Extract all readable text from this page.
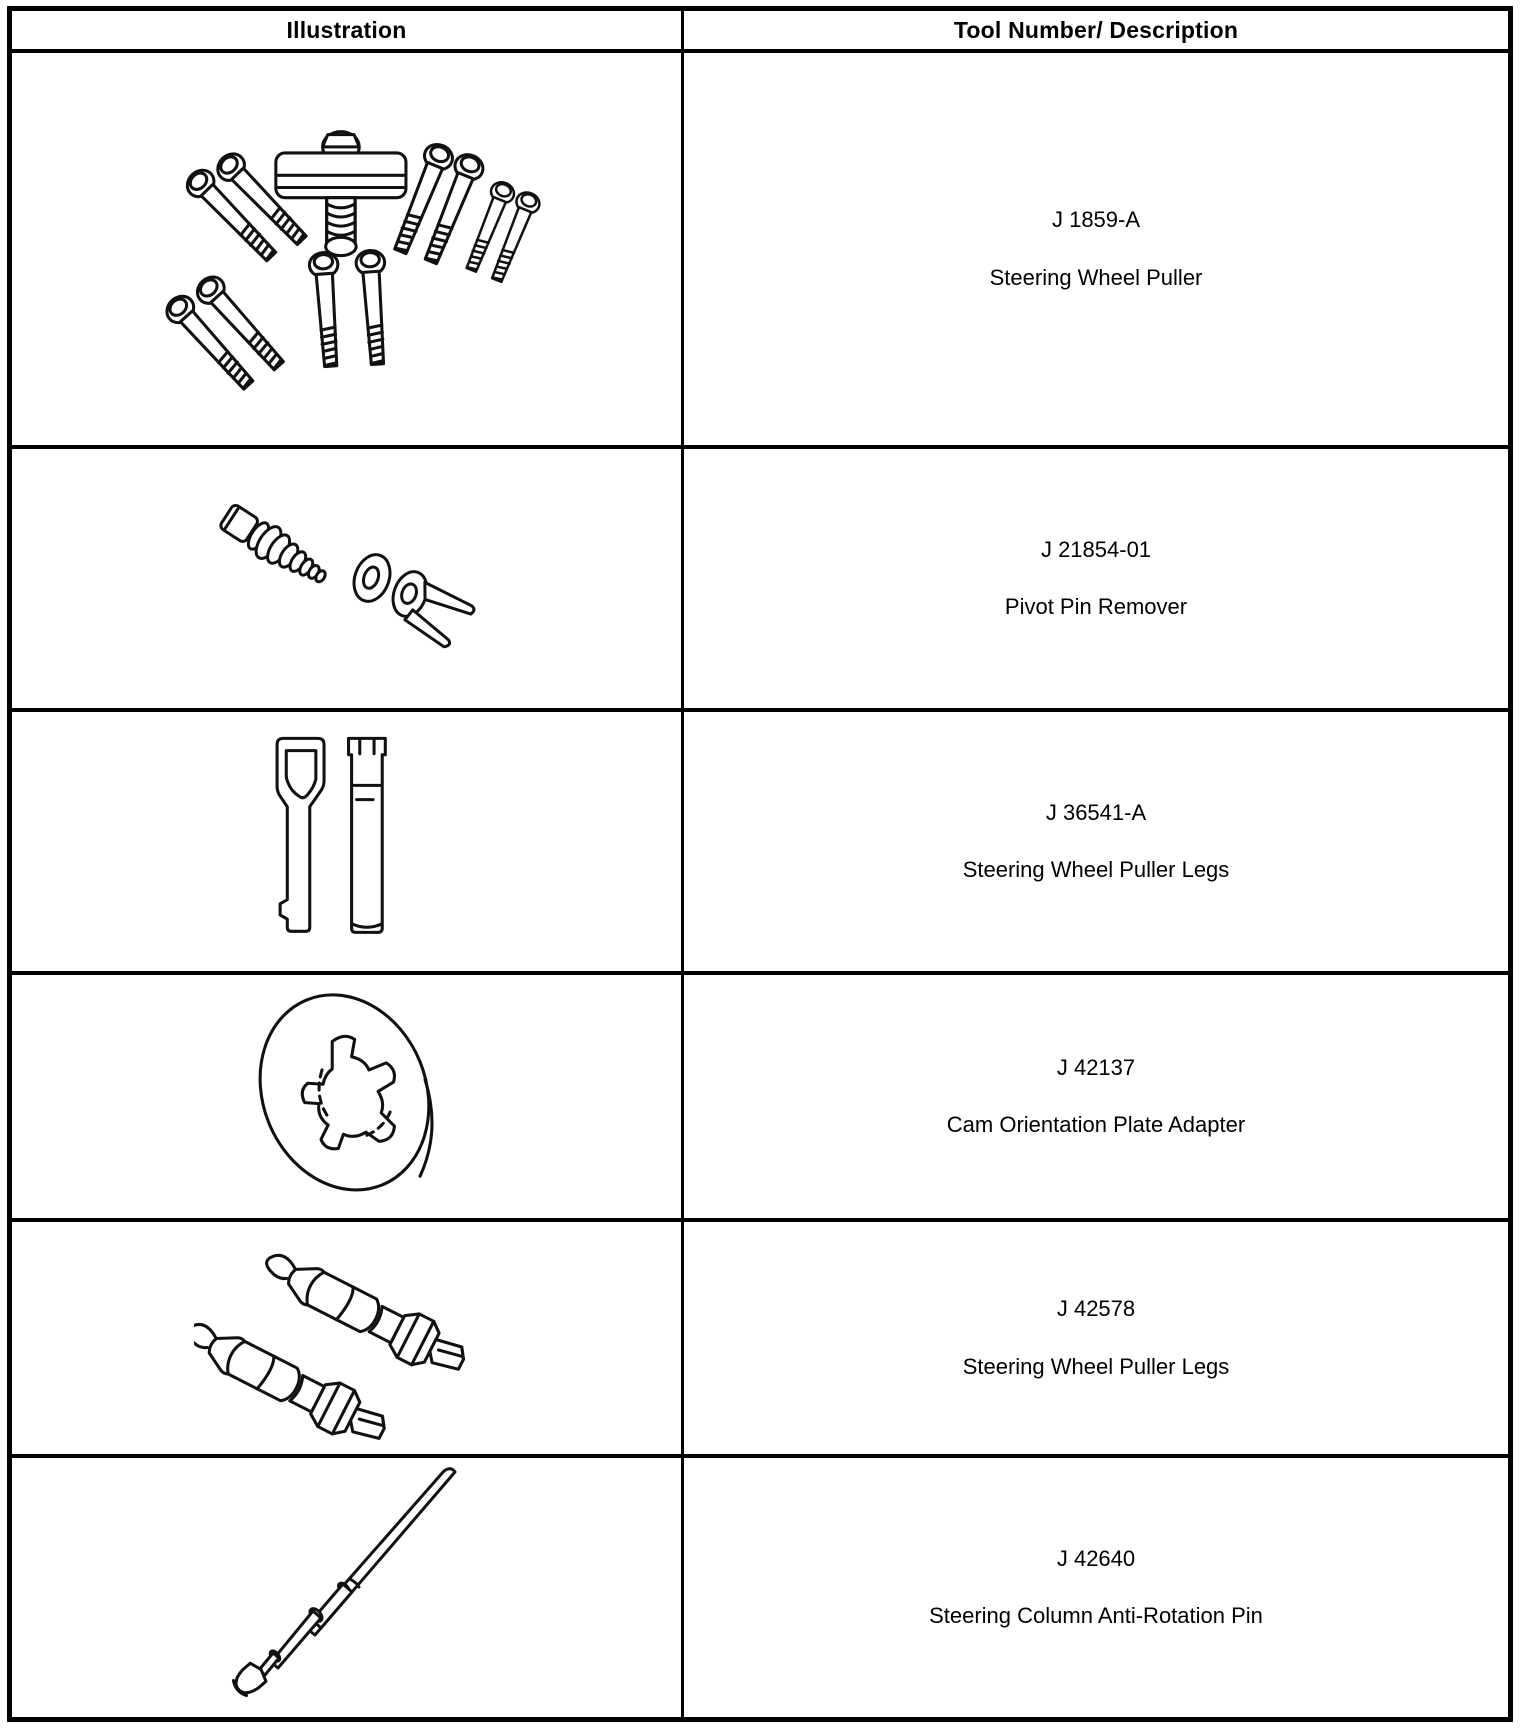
Illustration	Tool Number/ Description
J 1859-A
Steering Wheel Puller
J 21854-01
Pivot Pin Remover
J 36541-A
Steering Wheel Puller Legs
J 42137
Cam Orientation Plate Adapter
J 42578
Steering Wheel Puller Legs
J 42640
Steering Column Anti-Rotation Pin
